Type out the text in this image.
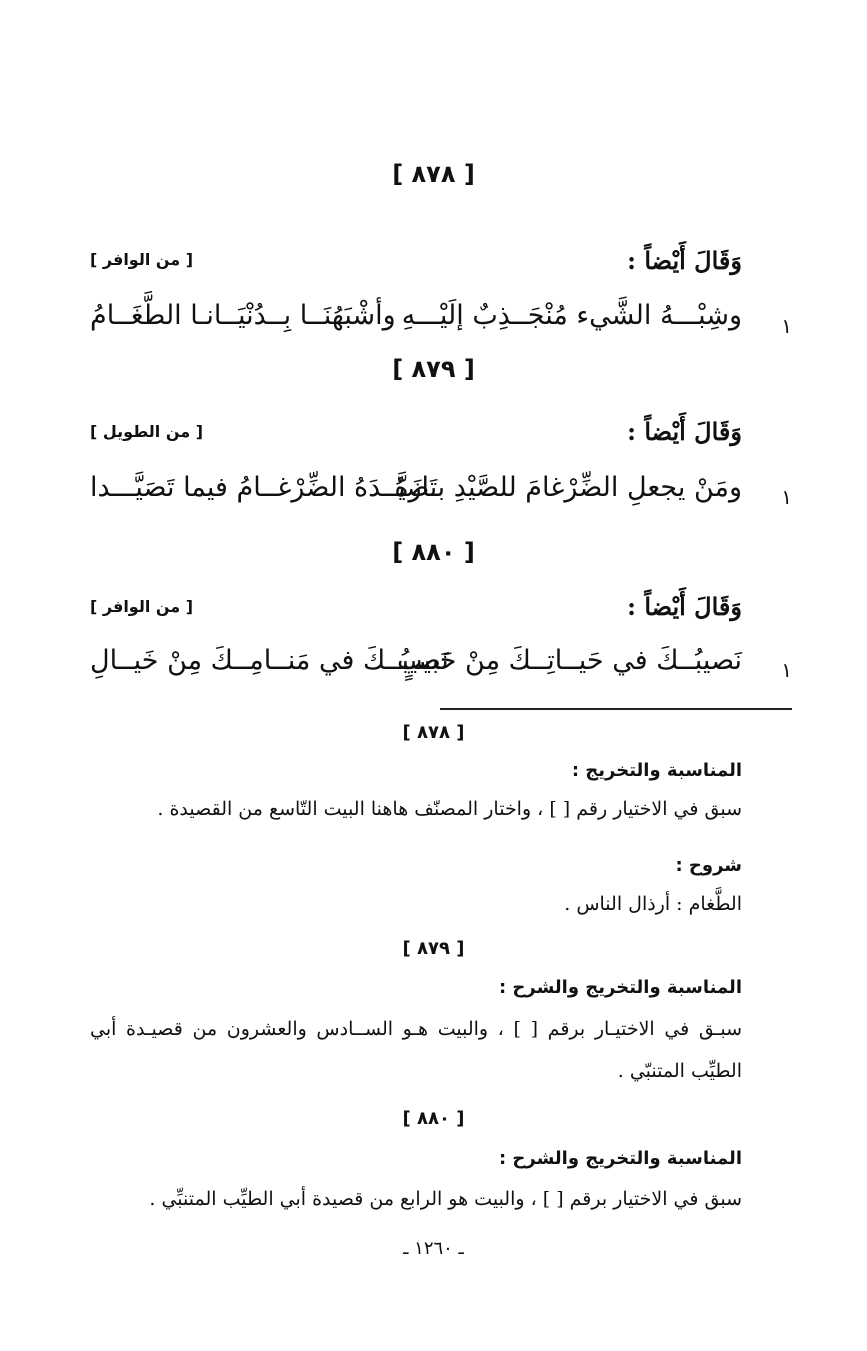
[ ٨٧٨ ]
وَقَالَ أَيْضاً :
[ من الوافر ]
١
وشِبْـــهُ الشَّيء مُنْجَــذِبٌ إلَيْـــهِ
وأشْبَهُنَــا بِــدُنْيَــانـا الطَّغَــامُ
[ ٨٧٩ ]
وَقَالَ أَيْضاً :
[ من الطويل ]
١
ومَنْ يجعلِ الضِّرْغامَ للصَّيْدِ بـازَهُ
تَصيَّــدَهُ الضِّرْغــامُ فيما تَصَيَّـــدا
[ ٨٨٠ ]
وَقَالَ أَيْضاً :
[ من الوافر ]
١
نَصيبُــكَ في حَيــاتِــكَ مِنْ حَبيبٍ
نَصيبُــكَ في مَنــامِــكَ مِنْ خَيــالِ
[ ٨٧٨ ]
المناسبة والتخريج :
سبق في الاختيار رقم [ ] ، واختار المصنّف هاهنا البيت التّاسع من القصيدة .
شروح :
الطَّغام : أرذال الناس .
[ ٨٧٩ ]
المناسبة والتخريج والشرح :
سبـق في الاختيـار برقم [ ] ، والبيت هـو الســادس والعشرون من قصيـدة أبي
الطيِّب المتنبّي .
[ ٨٨٠ ]
المناسبة والتخريج والشرح :
سبق في الاختيار برقم [ ] ، والبيت هو الرابع من قصيدة أبي الطيِّب المتنبِّي .
ـ ١٢٦٠ ـ
